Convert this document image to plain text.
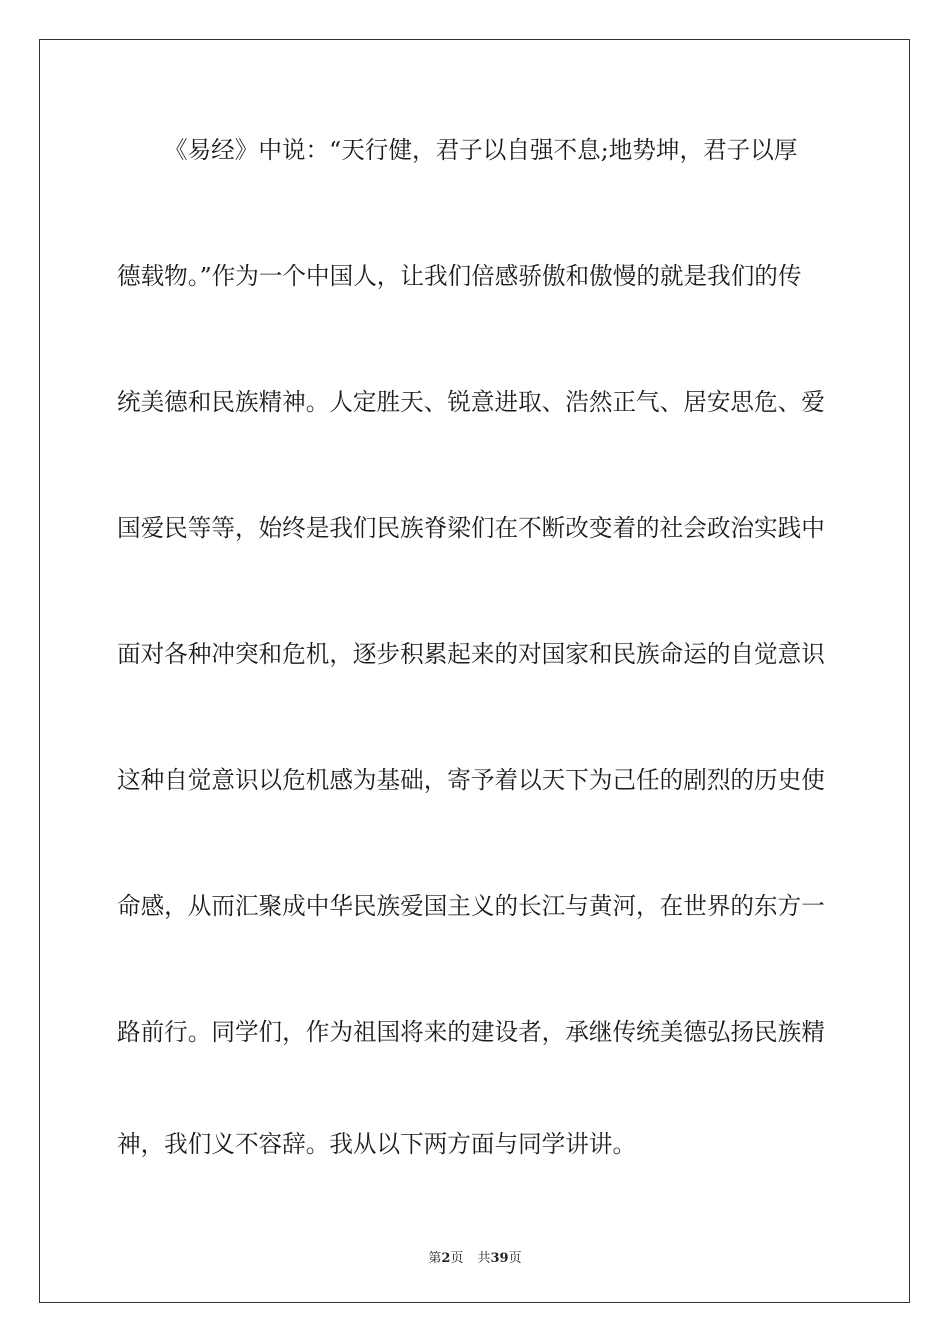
《易经》中说：“天行健，君子以自强不息;地势坤，君子以厚
德载物。”作为一个中国人，让我们倍感骄傲和傲慢的就是我们的传
统美德和民族精神。人定胜天、锐意进取、浩然正气、居安思危、爱
国爱民等等，始终是我们民族脊梁们在不断改变着的社会政治实践中
面对各种冲突和危机，逐步积累起来的对国家和民族命运的自觉意识
这种自觉意识以危机感为基础，寄予着以天下为己任的剧烈的历史使
命感，从而汇聚成中华民族爱国主义的长江与黄河，在世界的东方一
路前行。同学们，作为祖国将来的建设者，承继传统美德弘扬民族精
神，我们义不容辞。我从以下两方面与同学讲讲。
第2页 共39页
